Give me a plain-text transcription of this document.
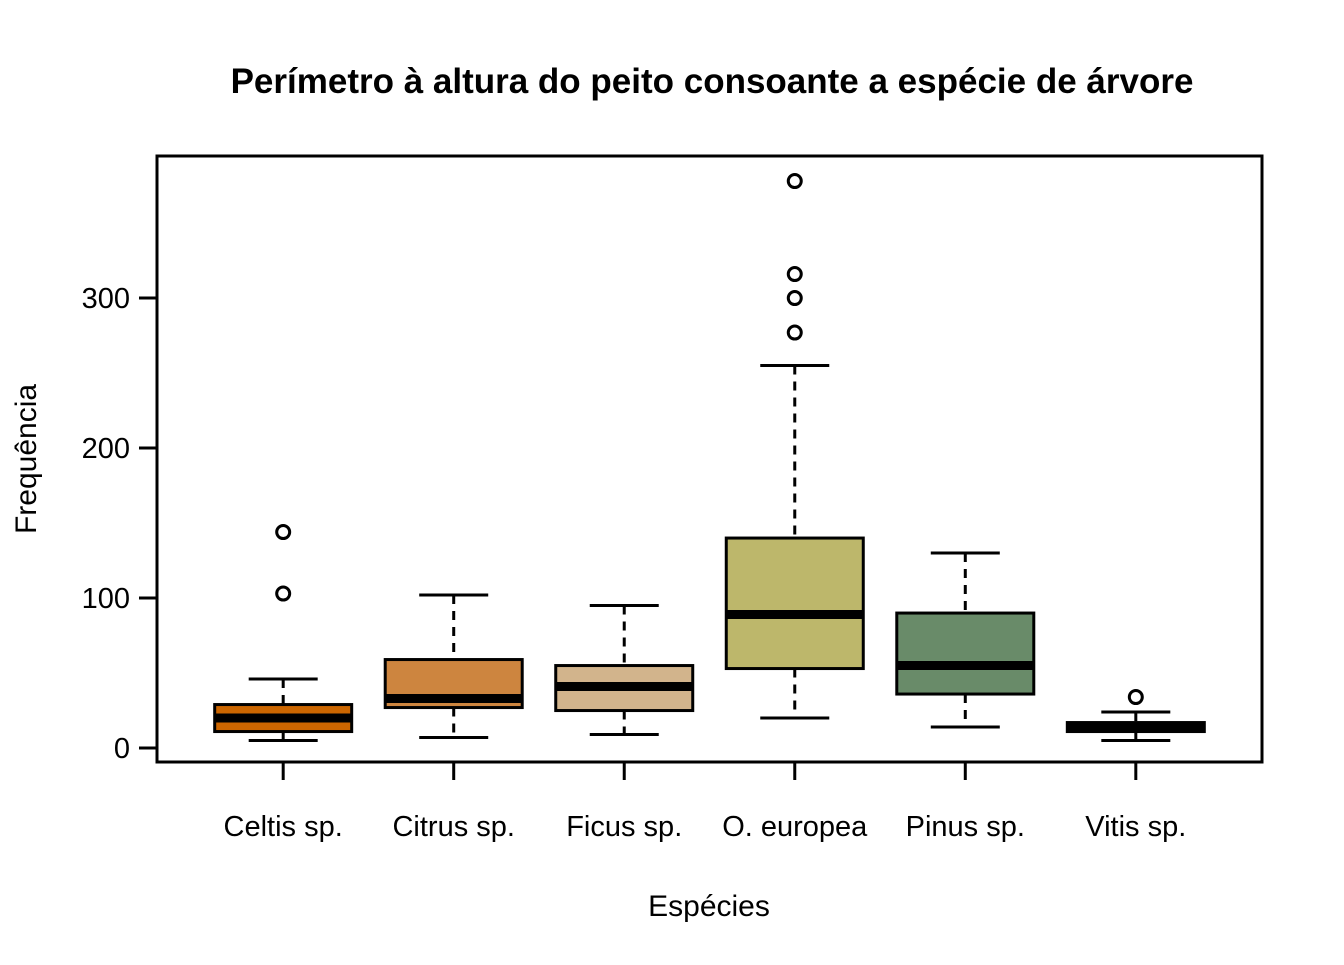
Perímetro à altura do peito consoante a espécie de árvore
Frequência
Espécies
0
100
200
300
Celtis sp. Citrus sp. Ficus sp. O. europea Pinus sp. Vitis sp.
